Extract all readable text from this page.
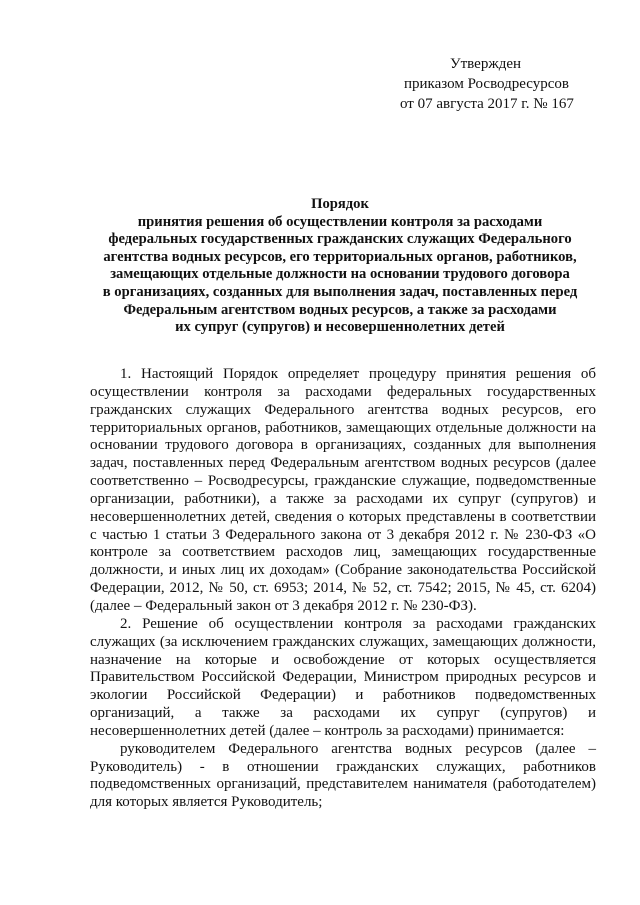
Утвержден
приказом Росводресурсов
от 07 августа 2017 г. № 167
Порядок
принятия решения об осуществлении контроля за расходами
федеральных государственных гражданских служащих Федерального
агентства водных ресурсов, его территориальных органов, работников,
замещающих отдельные должности на основании трудового договора
в организациях, созданных для выполнения задач, поставленных перед
Федеральным агентством водных ресурсов, а также за расходами
их супруг (супругов) и несовершеннолетних детей

1. Настоящий Порядок определяет процедуру принятия решения об осуществлении контроля за расходами федеральных государственных гражданских служащих Федерального агентства водных ресурсов, его территориальных органов, работников, замещающих отдельные должности на основании трудового договора в организациях, созданных для выполнения задач, поставленных перед Федеральным агентством водных ресурсов (далее соответственно – Росводресурсы, гражданские служащие, подведомственные организации, работники), а также за расходами их супруг (супругов) и несовершеннолетних детей, сведения о которых представлены в соответствии с частью 1 статьи 3 Федерального закона от 3 декабря 2012 г. № 230-ФЗ «О контроле за соответствием расходов лиц, замещающих государственные должности, и иных лиц их доходам» (Собрание законодательства Российской Федерации, 2012, № 50, ст. 6953; 2014, № 52, ст. 7542; 2015, № 45, ст. 6204) (далее – Федеральный закон от 3 декабря 2012 г. № 230-ФЗ).

2. Решение об осуществлении контроля за расходами гражданских служащих (за исключением гражданских служащих, замещающих должности, назначение на которые и освобождение от которых осуществляется Правительством Российской Федерации, Министром природных ресурсов и экологии Российской Федерации) и работников подведомственных организаций, а также за расходами их супруг (супругов) и несовершеннолетних детей (далее – контроль за расходами) принимается:

руководителем Федерального агентства водных ресурсов (далее – Руководитель) - в отношении гражданских служащих, работников подведомственных организаций, представителем нанимателя (работодателем) для которых является Руководитель;
